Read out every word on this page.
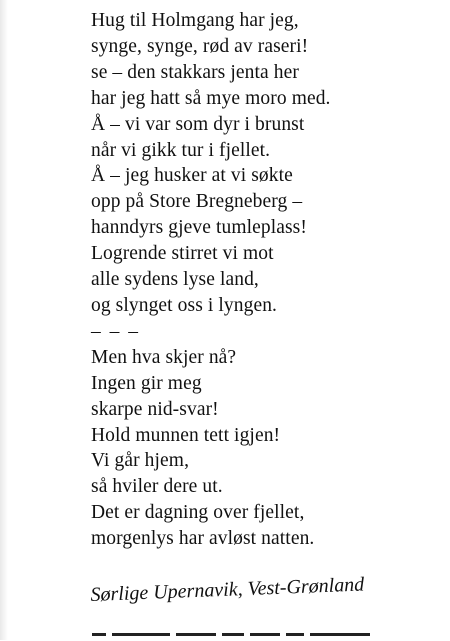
Hug til Holmgang har jeg,
synge, synge, rød av raseri!
se – den stakkars jenta her
har jeg hatt så mye moro med.
Å – vi var som dyr i brunst
når vi gikk tur i fjellet.
Å – jeg husker at vi søkte
opp på Store Bregneberg –
hanndyrs gjeve tumleplass!
Logrende stirret vi mot
alle sydens lyse land,
og slynget oss i lyngen.
– – –
Men hva skjer nå?
Ingen gir meg
skarpe nid-svar!
Hold munnen tett igjen!
Vi går hjem,
så hviler dere ut.
Det er dagning over fjellet,
morgenlys har avløst natten.
Sørlige Upernavik, Vest-Grønland
